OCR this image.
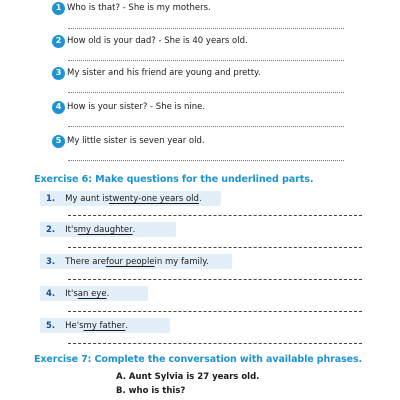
1 Who is that? - She is my mothers.
2 How old is your dad? - She is 40 years old.
3 My sister and his friend are young and pretty.
4 How is your sister? - She is nine.
5 My little sister is seven year old.
Exercise 6: Make questions for the underlined parts.
1. My aunt is twenty-one years old .
2. It's my daughter .
3. There are four people in my family.
4. It's an eye .
5. He's my father .
Exercise 7: Complete the conversation with available phrases.
A. Aunt Sylvia is 27 years old.
B. who is this?
